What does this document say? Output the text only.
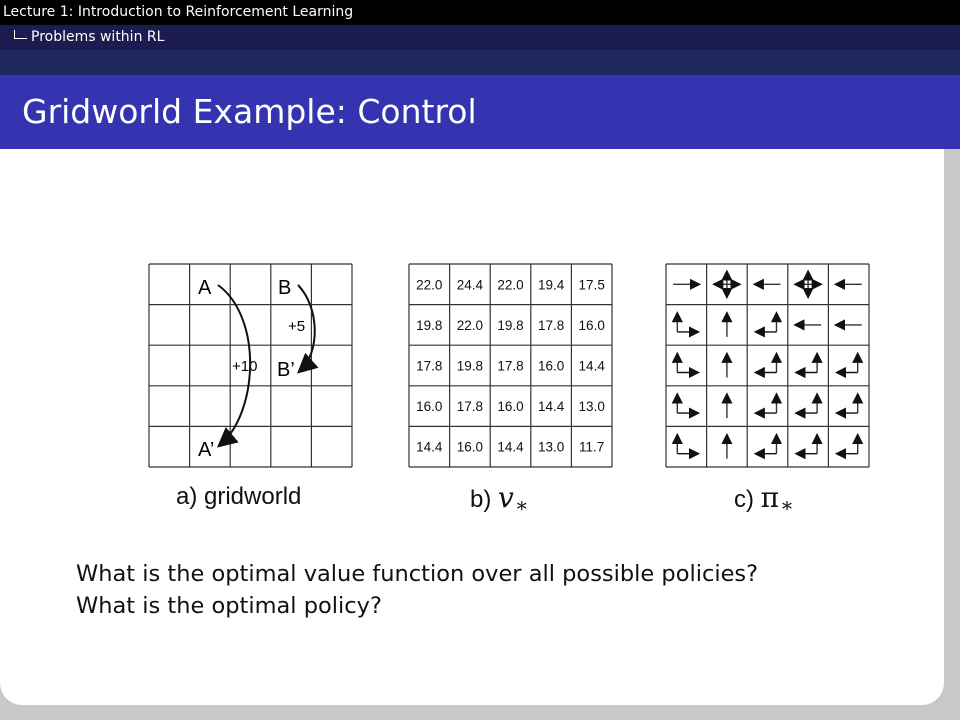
Lecture 1: Introduction to Reinforcement Learning
Problems within RL
Gridworld Example: Control
A	B
B’
A’
+5
+10
a) gridworld
22.0 24.4 22.0 19.4 17.5
19.8 22.0 19.8 17.8 16.0
17.8 19.8 17.8 16.0 14.4
16.0 17.8 16.0 14.4 13.0
14.4 16.0 14.4 13.0 11.7
b) $v_∗$	c) $\pi_∗$
What is the optimal value function over all possible policies?
What is the optimal policy?
